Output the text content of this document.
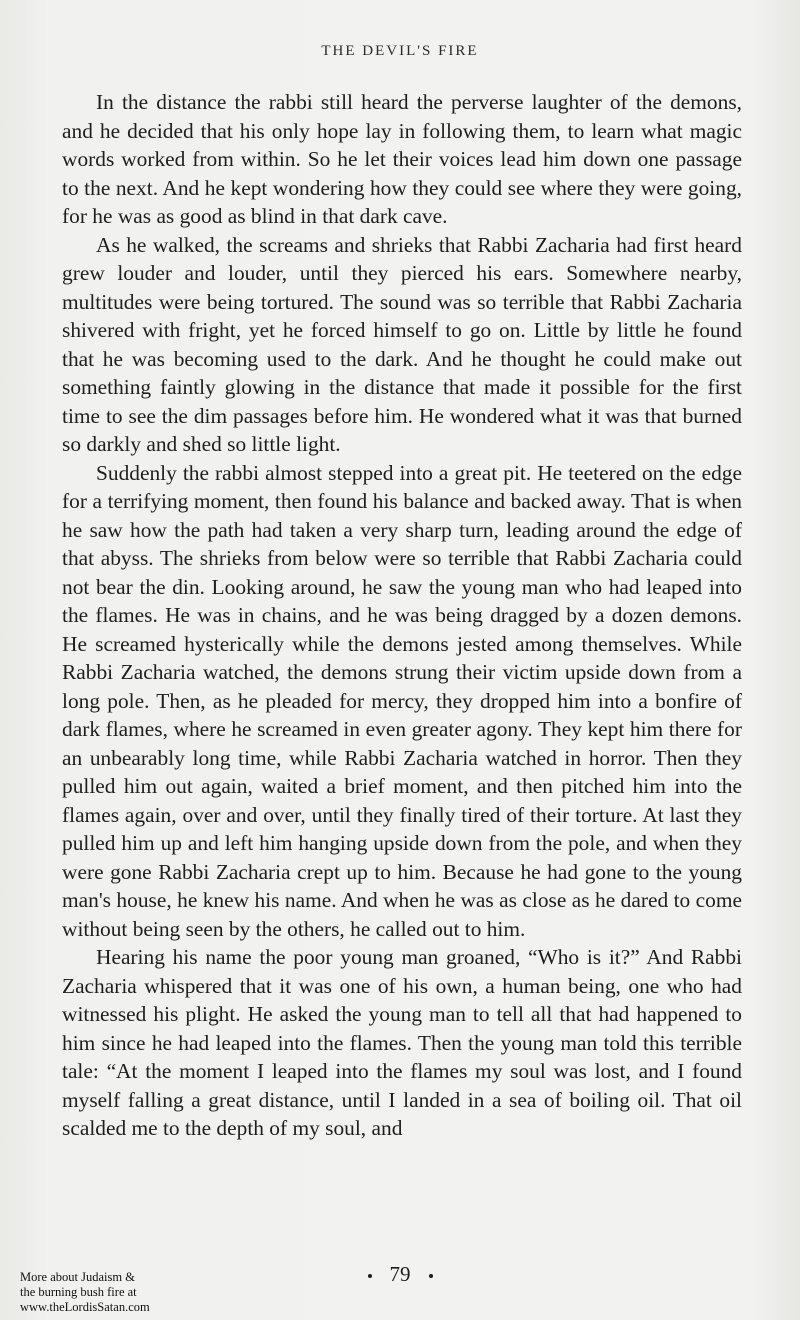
THE DEVIL'S FIRE

In the distance the rabbi still heard the perverse laughter of the demons, and he decided that his only hope lay in following them, to learn what magic words worked from within. So he let their voices lead him down one passage to the next. And he kept wondering how they could see where they were going, for he was as good as blind in that dark cave.

As he walked, the screams and shrieks that Rabbi Zacharia had first heard grew louder and louder, until they pierced his ears. Somewhere nearby, multitudes were being tortured. The sound was so terrible that Rabbi Zacharia shivered with fright, yet he forced himself to go on. Little by little he found that he was becoming used to the dark. And he thought he could make out something faintly glowing in the distance that made it possible for the first time to see the dim passages before him. He wondered what it was that burned so darkly and shed so little light.

Suddenly the rabbi almost stepped into a great pit. He teetered on the edge for a terrifying moment, then found his balance and backed away. That is when he saw how the path had taken a very sharp turn, leading around the edge of that abyss. The shrieks from below were so terrible that Rabbi Zacharia could not bear the din. Looking around, he saw the young man who had leaped into the flames. He was in chains, and he was being dragged by a dozen demons. He screamed hysterically while the demons jested among themselves. While Rabbi Zacharia watched, the demons strung their victim upside down from a long pole. Then, as he pleaded for mercy, they dropped him into a bonfire of dark flames, where he screamed in even greater agony. They kept him there for an unbearably long time, while Rabbi Zacharia watched in horror. Then they pulled him out again, waited a brief moment, and then pitched him into the flames again, over and over, until they finally tired of their torture. At last they pulled him up and left him hanging upside down from the pole, and when they were gone Rabbi Zacharia crept up to him. Because he had gone to the young man's house, he knew his name. And when he was as close as he dared to come without being seen by the others, he called out to him.

Hearing his name the poor young man groaned, “Who is it?” And Rabbi Zacharia whispered that it was one of his own, a human being, one who had witnessed his plight. He asked the young man to tell all that had happened to him since he had leaped into the flames. Then the young man told this terrible tale: “At the moment I leaped into the flames my soul was lost, and I found myself falling a great distance, until I landed in a sea of boiling oil. That oil scalded me to the depth of my soul, and

79
More about Judaism &
the burning bush fire at
www.theLordisSatan.com
